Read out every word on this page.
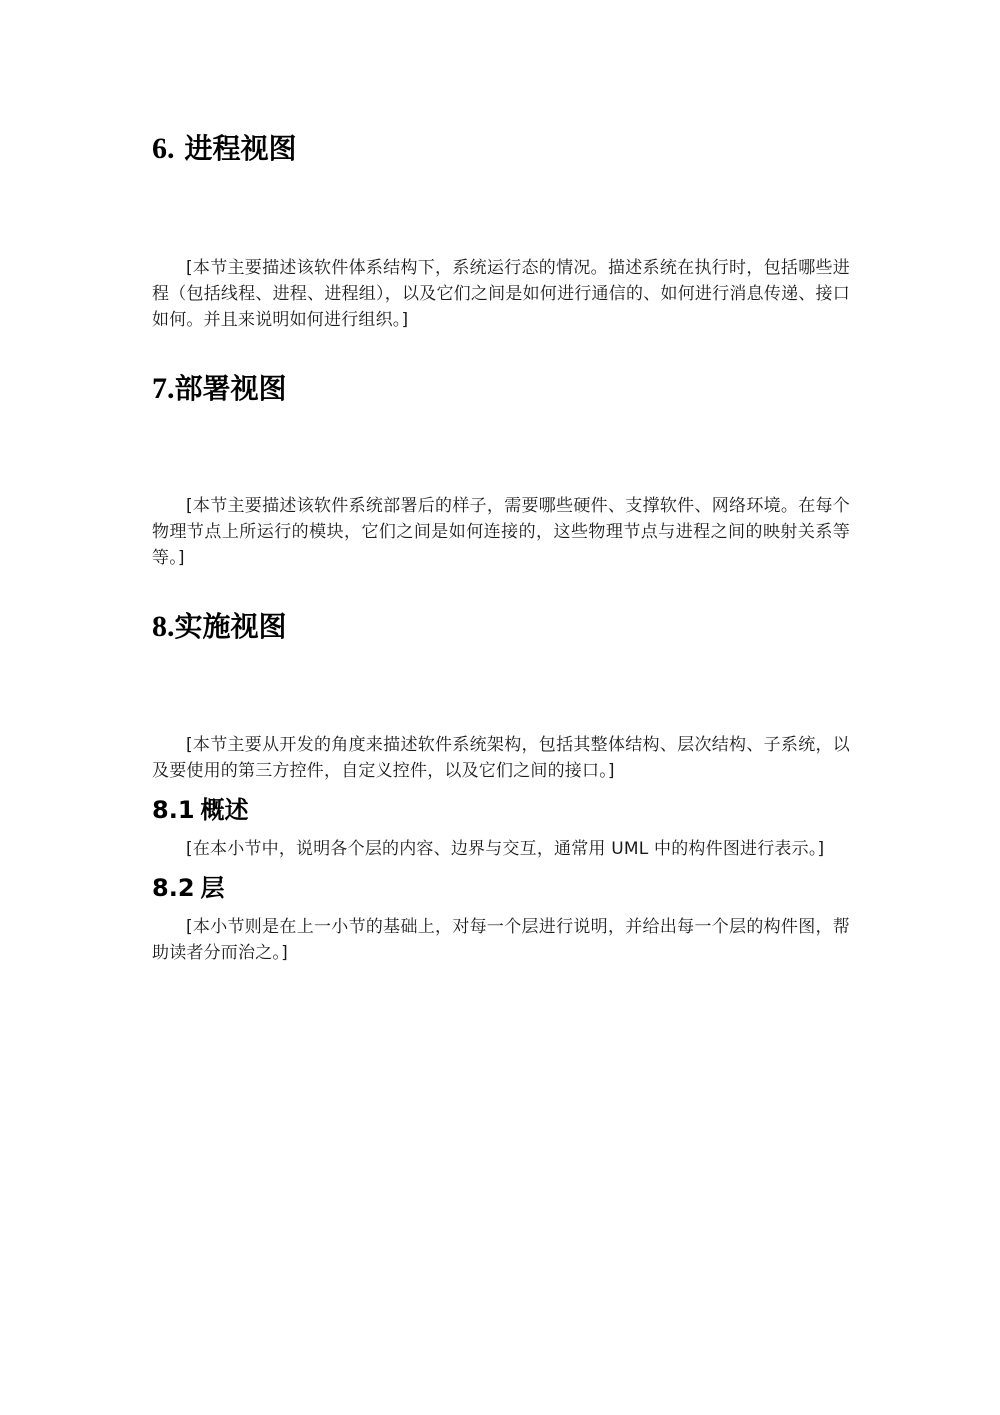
6. 进程视图

[本节主要描述该软件体系结构下，系统运行态的情况。描述系统在执行时，包括哪些进程（包括线程、进程、进程组），以及它们之间是如何进行通信的、如何进行消息传递、接口如何。并且来说明如何进行组织。]

7.部署视图

[本节主要描述该软件系统部署后的样子，需要哪些硬件、支撑软件、网络环境。在每个物理节点上所运行的模块，它们之间是如何连接的，这些物理节点与进程之间的映射关系等等。]

8.实施视图

[本节主要从开发的角度来描述软件系统架构，包括其整体结构、层次结构、子系统，以及要使用的第三方控件，自定义控件，以及它们之间的接口。]

8.1 概述

[在本小节中，说明各个层的内容、边界与交互，通常用 UML 中的构件图进行表示。]

8.2 层

[本小节则是在上一小节的基础上，对每一个层进行说明，并给出每一个层的构件图，帮助读者分而治之。]
